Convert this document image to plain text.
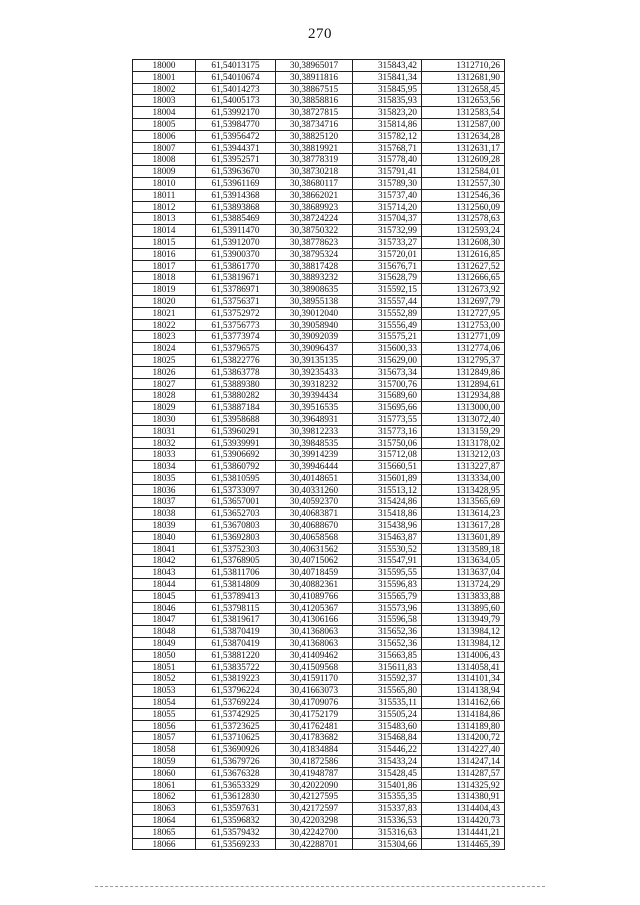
270
18000	61,54013175	30,38965017	315843,42	1312710,26
18001	61,54010674	30,38911816	315841,34	1312681,90
18002	61,54014273	30,38867515	315845,95	1312658,45
18003	61,54005173	30,38858816	315835,93	1312653,56
18004	61,53992170	30,38727815	315823,20	1312583,54
18005	61,53984770	30,38734716	315814,86	1312587,00
18006	61,53956472	30,38825120	315782,12	1312634,28
18007	61,53944371	30,38819921	315768,71	1312631,17
18008	61,53952571	30,38778319	315778,40	1312609,28
18009	61,53963670	30,38730218	315791,41	1312584,01
18010	61,53961169	30,38680117	315789,30	1312557,30
18011	61,53914368	30,38662021	315737,40	1312546,36
18012	61,53893868	30,38689923	315714,20	1312560,09
18013	61,53885469	30,38724224	315704,37	1312578,63
18014	61,53911470	30,38750322	315732,99	1312593,24
18015	61,53912070	30,38778623	315733,27	1312608,30
18016	61,53900370	30,38795324	315720,01	1312616,85
18017	61,53861770	30,38817428	315676,71	1312627,52
18018	61,53819671	30,38893232	315628,79	1312666,65
18019	61,53786971	30,38908635	315592,15	1312673,92
18020	61,53756371	30,38955138	315557,44	1312697,79
18021	61,53752972	30,39012040	315552,89	1312727,95
18022	61,53756773	30,39058940	315556,49	1312753,00
18023	61,53773974	30,39092039	315575,21	1312771,09
18024	61,53796575	30,39096437	315600,33	1312774,06
18025	61,53822776	30,39135135	315629,00	1312795,37
18026	61,53863778	30,39235433	315673,34	1312849,86
18027	61,53889380	30,39318232	315700,76	1312894,61
18028	61,53880282	30,39394434	315689,60	1312934,88
18029	61,53887184	30,39516535	315695,66	1313000,00
18030	61,53958688	30,39648931	315773,55	1313072,40
18031	61,53960291	30,39812233	315773,16	1313159,29
18032	61,53939991	30,39848535	315750,06	1313178,02
18033	61,53906692	30,39914239	315712,08	1313212,03
18034	61,53860792	30,39946444	315660,51	1313227,87
18035	61,53810595	30,40148651	315601,89	1313334,00
18036	61,53733097	30,40331260	315513,12	1313428,95
18037	61,53657001	30,40592370	315424,86	1313565,69
18038	61,53652703	30,40683871	315418,86	1313614,23
18039	61,53670803	30,40688670	315438,96	1313617,28
18040	61,53692803	30,40658568	315463,87	1313601,89
18041	61,53752303	30,40631562	315530,52	1313589,18
18042	61,53768905	30,40715062	315547,91	1313634,05
18043	61,53811706	30,40718459	315595,55	1313637,04
18044	61,53814809	30,40882361	315596,83	1313724,29
18045	61,53789413	30,41089766	315565,79	1313833,88
18046	61,53798115	30,41205367	315573,96	1313895,60
18047	61,53819617	30,41306166	315596,58	1313949,79
18048	61,53870419	30,41368063	315652,36	1313984,12
18049	61,53870419	30,41368063	315652,36	1313984,12
18050	61,53881220	30,41409462	315663,85	1314006,43
18051	61,53835722	30,41509568	315611,83	1314058,41
18052	61,53819223	30,41591170	315592,37	1314101,34
18053	61,53796224	30,41663073	315565,80	1314138,94
18054	61,53769224	30,41709076	315535,11	1314162,66
18055	61,53742925	30,41752179	315505,24	1314184,86
18056	61,53723625	30,41762481	315483,60	1314189,80
18057	61,53710625	30,41783682	315468,84	1314200,72
18058	61,53690926	30,41834884	315446,22	1314227,40
18059	61,53679726	30,41872586	315433,24	1314247,14
18060	61,53676328	30,41948787	315428,45	1314287,57
18061	61,53653329	30,42022090	315401,86	1314325,92
18062	61,53612830	30,42127595	315355,35	1314380,91
18063	61,53597631	30,42172597	315337,83	1314404,43
18064	61,53596832	30,42203298	315336,53	1314420,73
18065	61,53579432	30,42242700	315316,63	1314441,21
18066	61,53569233	30,42288701	315304,66	1314465,39
